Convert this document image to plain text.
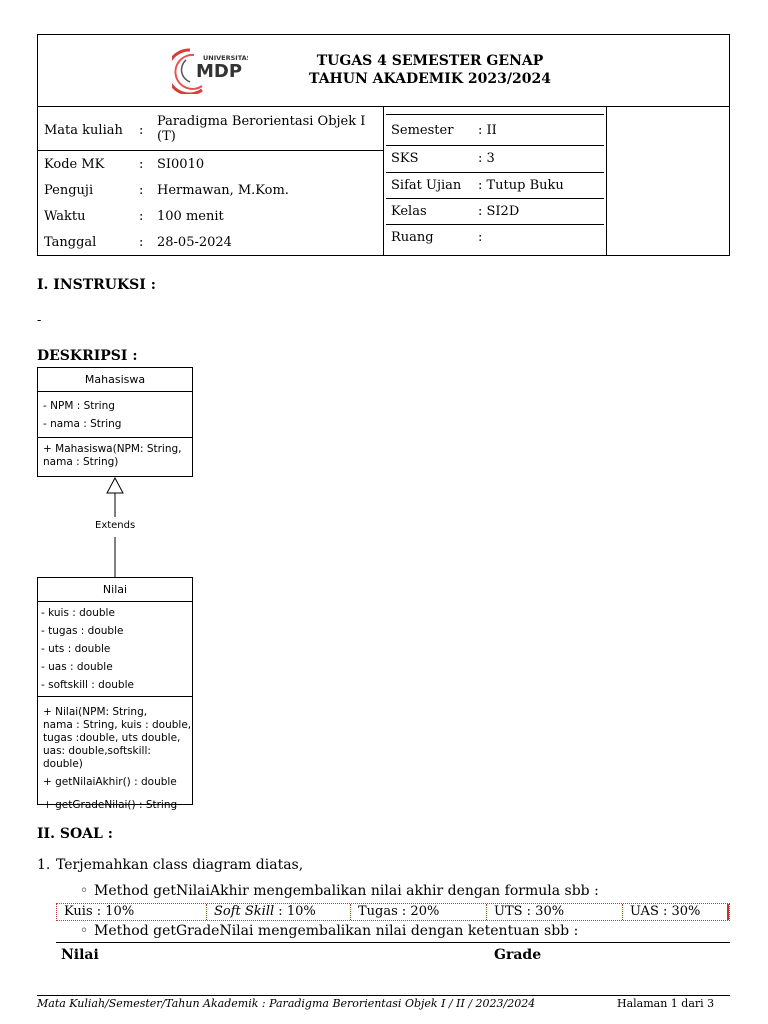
UNIVERSITAS
MDP	TUGAS 4 SEMESTER GENAP
TAHUN AKADEMIK 2023/2024
Mata kuliah :
Paradigma Berorientasi Objek I (T)
Kode MK	: SI0010
Penguji	: Hermawan, M.Kom.
Waktu	: 100 menit
Tanggal	: 28-05-2024
Semester : II
SKS	: 3
Sifat Ujian : Tutup Buku
Kelas	: SI2D
Ruang	:
I. INSTRUKSI :
-
DESKRIPSI :
Mahasiswa
- NPM : String
- nama : String
+ Mahasiswa(NPM: String,
nama : String)
Extends
Nilai
- kuis : double
- tugas : double
- uts : double
- uas : double
- softskill : double
+ Nilai(NPM: String,
nama : String, kuis : double,
tugas :double, uts double,
uas: double,softskill: double)
+ getNilaiAkhir() : double
+ getGradeNilai() : String
II. SOAL :
1. Terjemahkan class diagram diatas,
◦ Method getNilaiAkhir mengembalikan nilai akhir dengan formula sbb :
Kuis : 10%	Soft Skill : 10%	Tugas : 20%	UTS : 30%	UAS : 30%
◦ Method getGradeNilai mengembalikan nilai dengan ketentuan sbb :
Nilai	Grade
Mata Kuliah/Semester/Tahun Akademik : Paradigma Berorientasi Objek I / II / 2023/2024	Halaman 1 dari 3
